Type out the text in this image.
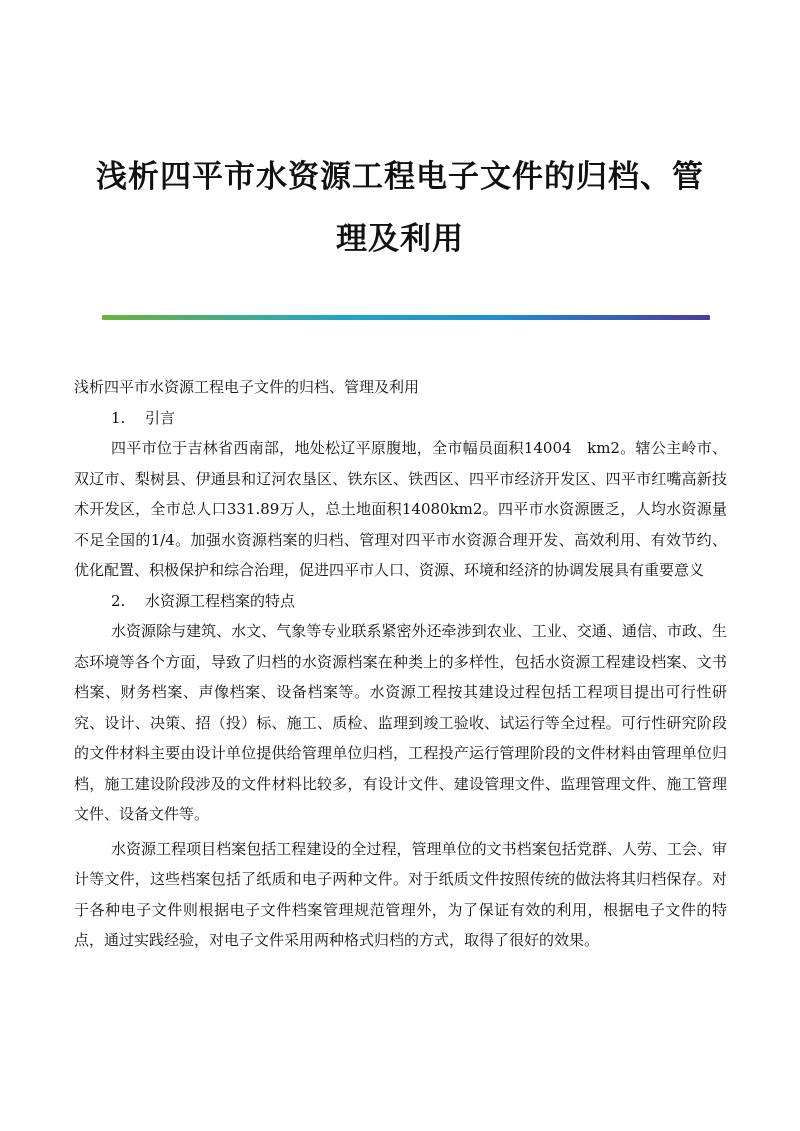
浅析四平市水资源工程电子文件的归档、管
理及利用

浅析四平市水资源工程电子文件的归档、管理及利用

1. 引言

四平市位于吉林省西南部，地处松辽平原腹地，全市幅员面积14004　km2。辖公主岭市、双辽市、梨树县、伊通县和辽河农垦区、铁东区、铁西区、四平市经济开发区、四平市红嘴高新技术开发区，全市总人口331.89万人，总土地面积14080km2。四平市水资源匮乏，人均水资源量不足全国的1/4。加强水资源档案的归档、管理对四平市水资源合理开发、高效利用、有效节约、优化配置、积极保护和综合治理，促进四平市人口、资源、环境和经济的协调发展具有重要意义

2. 水资源工程档案的特点

水资源除与建筑、水文、气象等专业联系紧密外还牵涉到农业、工业、交通、通信、市政、生态环境等各个方面，导致了归档的水资源档案在种类上的多样性，包括水资源工程建设档案、文书档案、财务档案、声像档案、设备档案等。水资源工程按其建设过程包括工程项目提出可行性研究、设计、决策、招（投）标、施工、质检、监理到竣工验收、试运行等全过程。可行性研究阶段的文件材料主要由设计单位提供给管理单位归档，工程投产运行管理阶段的文件材料由管理单位归档，施工建设阶段涉及的文件材料比较多，有设计文件、建设管理文件、监理管理文件、施工管理文件、设备文件等。

水资源工程项目档案包括工程建设的全过程，管理单位的文书档案包括党群、人劳、工会、审计等文件，这些档案包括了纸质和电子两种文件。对于纸质文件按照传统的做法将其归档保存。对于各种电子文件则根据电子文件档案管理规范管理外，为了保证有效的利用，根据电子文件的特点，通过实践经验，对电子文件采用两种格式归档的方式，取得了很好的效果。
